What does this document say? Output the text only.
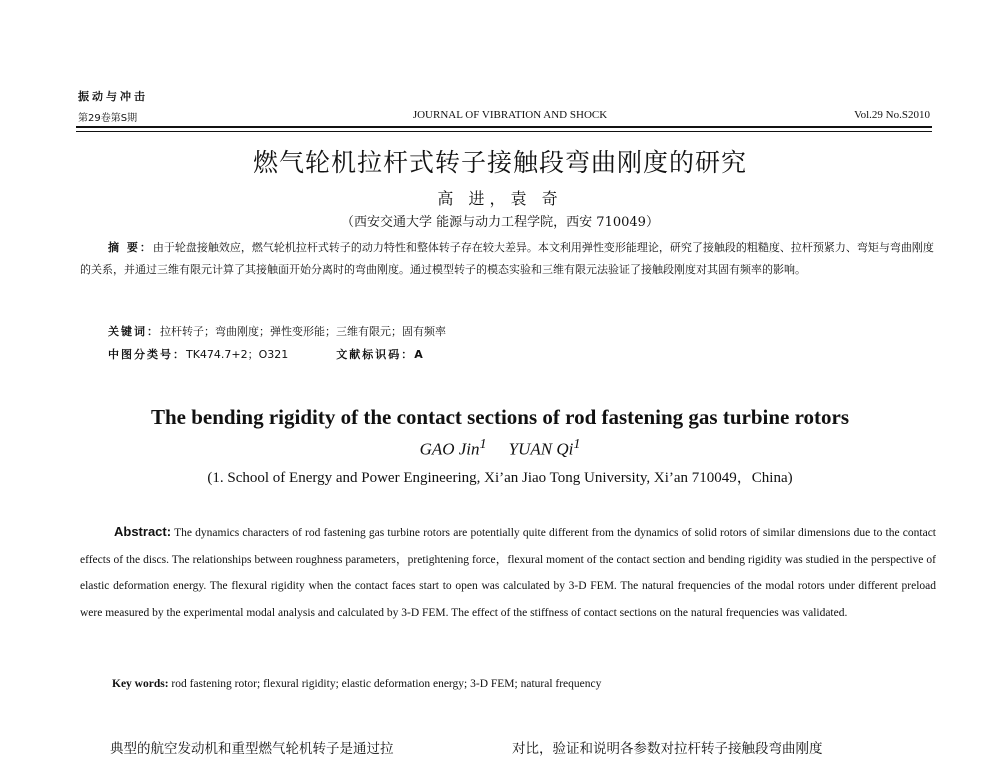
振动与冲击
第29卷第S期	JOURNAL OF VIBRATION AND SHOCK	Vol.29 No.S2010
燃气轮机拉杆式转子接触段弯曲刚度的研究
高 进，袁 奇
（西安交通大学 能源与动力工程学院，西安 710049）

摘 要：由于轮盘接触效应，燃气轮机拉杆式转子的动力特性和整体转子存在较大差异。本文利用弹性变形能理论，研究了接触段的粗糙度、拉杆预紧力、弯矩与弯曲刚度的关系，并通过三维有限元计算了其接触面开始分离时的弯曲刚度。通过模型转子的模态实验和三维有限元法验证了接触段刚度对其固有频率的影响。

关键词：拉杆转子；弯曲刚度；弹性变形能；三维有限元；固有频率
中图分类号：TK474.7+2；O321	文献标识码：A
The bending rigidity of the contact sections of rod fastening gas turbine rotors
GAO Jin$^1$ YUAN Qi$^1$
(1. School of Energy and Power Engineering, Xi’an Jiao Tong University, Xi’an 710049，China)

Abstract: The dynamics characters of rod fastening gas turbine rotors are potentially quite different from the dynamics of solid rotors of similar dimensions due to the contact effects of the discs. The relationships between roughness parameters，pretightening force，flexural moment of the contact section and bending rigidity was studied in the perspective of elastic deformation energy. The flexural rigidity when the contact faces start to open was calculated by 3-D FEM. The natural frequencies of the modal rotors under different preload were measured by the experimental modal analysis and calculated by 3-D FEM. The effect of the stiffness of contact sections on the natural frequencies was validated.

Key words: rod fastening rotor; flexural rigidity; elastic deformation energy; 3-D FEM; natural frequency
典型的航空发动机和重型燃气轮机转子是通过拉	对比，验证和说明各参数对拉杆转子接触段弯曲刚度
